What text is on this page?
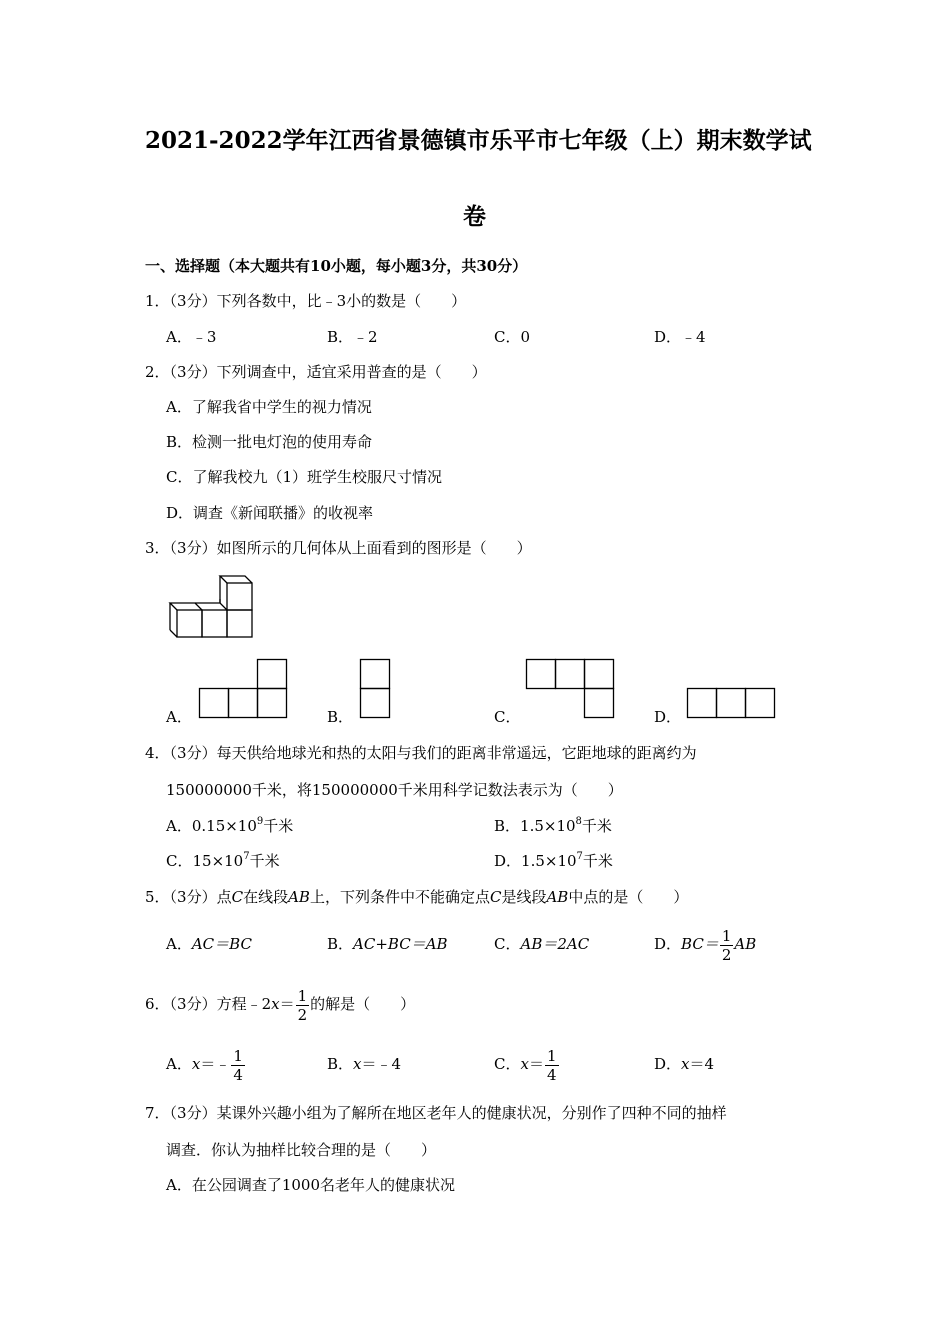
2021-2022学年江西省景德镇市乐平市七年级（上）期末数学试
卷
一、选择题（本大题共有10小题，每小题3分，共30分）
1．（3分）下列各数中，比﹣3小的数是（　　）
A．﹣3	B．﹣2	C．0	D．﹣4
2．（3分）下列调查中，适宜采用普查的是（　　）
A．了解我省中学生的视力情况
B．检测一批电灯泡的使用寿命
C．了解我校九（1）班学生校服尺寸情况
D．调查《新闻联播》的收视率
3．（3分）如图所示的几何体从上面看到的图形是（　　）
A．	B．	C．	D．
4．（3分）每天供给地球光和热的太阳与我们的距离非常遥远，它距地球的距离约为
150000000千米，将150000000千米用科学记数法表示为（　　）
A．$0.15\times 10^9$千米	B．$1.5\times 10^8$千米
C．$15\times 10^7$千米	D．$1.5\times 10^7$千米
5．（3分）点C在线段AB上，下列条件中不能确定点C是线段AB中点的是（　　）
A．AC＝BC	B．AC+BC＝AB	C．AB＝2AC	D．$BC= \frac{1}{2}$ AB
6．（3分）方程﹣2x＝ $\frac{1}{2}$ 的解是（　　）
A．x＝﹣ $\frac{1}{4}$	B．x＝﹣4	C．$x= \frac{1}{4}$	D．x＝4
7．（3分）某课外兴趣小组为了解所在地区老年人的健康状况，分别作了四种不同的抽样
调查．你认为抽样比较合理的是（　　）
A．在公园调查了1000名老年人的健康状况
